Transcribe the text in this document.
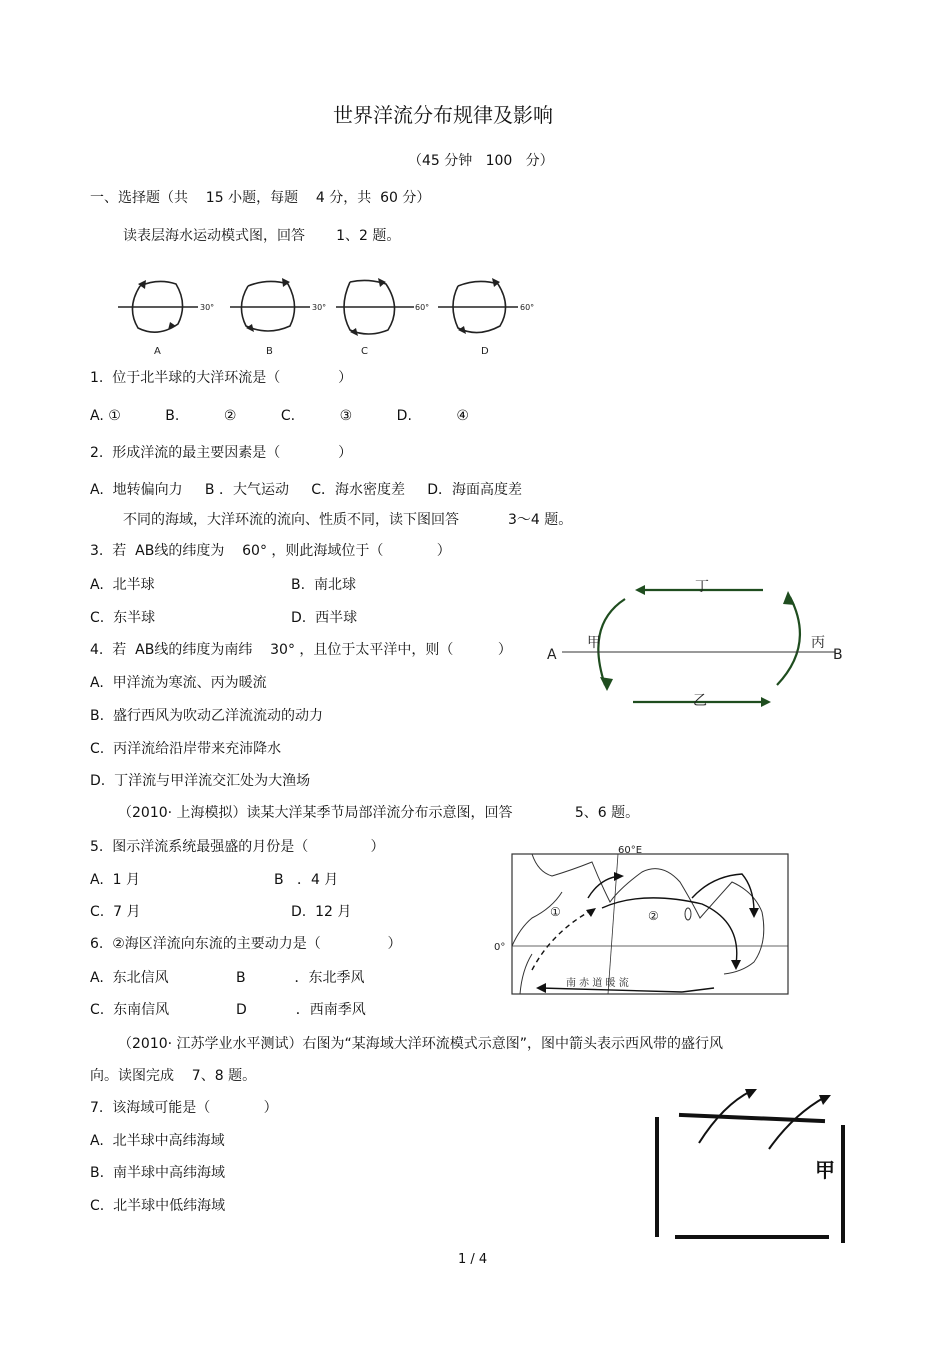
世界洋流分布规律及影响
（45 分钟   100   分）
一、选择题（共    15 小题，每题    4 分，共  60 分）
读表层海水运动模式图，回答       1、2 题。
30°	30°	60°	60°
A	B	C	D
1.  位于北半球的大洋环流是（             ）
A. ①          B.          ②          C.          ③          D.          ④
2.  形成洋流的最主要因素是（             ）
A.  地转偏向力     B ．大气运动     C．海水密度差     D．海面高度差
不同的海域，大洋环流的流向、性质不同，读下图回答           3～4 题。
3.  若  AB线的纬度为    60° ，则此海域位于（            ）
A.  北半球	B.  南北球
C.  东半球	D.  西半球
4.  若  AB线的纬度为南纬    30° ，且位于太平洋中，则（          ）
A.  甲洋流为寒流、丙为暖流
B.  盛行西风为吹动乙洋流流动的动力
C.  丙洋流给沿岸带来充沛降水
D.  丁洋流与甲洋流交汇处为大渔场
丁
甲	丙
乙
A	B
（2010· 上海模拟）读某大洋某季节局部洋流分布示意图，回答              5、6 题。
5.  图示洋流系统最强盛的月份是（              ）
A.  1 月	B   ．4 月
C.  7 月	D.  12 月
6.  ②海区洋流向东流的主要动力是（               ）
A.  东北信风	B           ．东北季风
C.  东南信风	D           ．西南季风
60°E
0°
①	②
南 赤 道 暖 流
（2010· 江苏学业水平测试）右图为“某海域大洋环流模式示意图”，图中箭头表示西风带的盛行风
向。读图完成    7、8 题。
7.  该海域可能是（            ）
A.  北半球中高纬海域
B.  南半球中高纬海域
C.  北半球中低纬海域
甲
1 / 4
